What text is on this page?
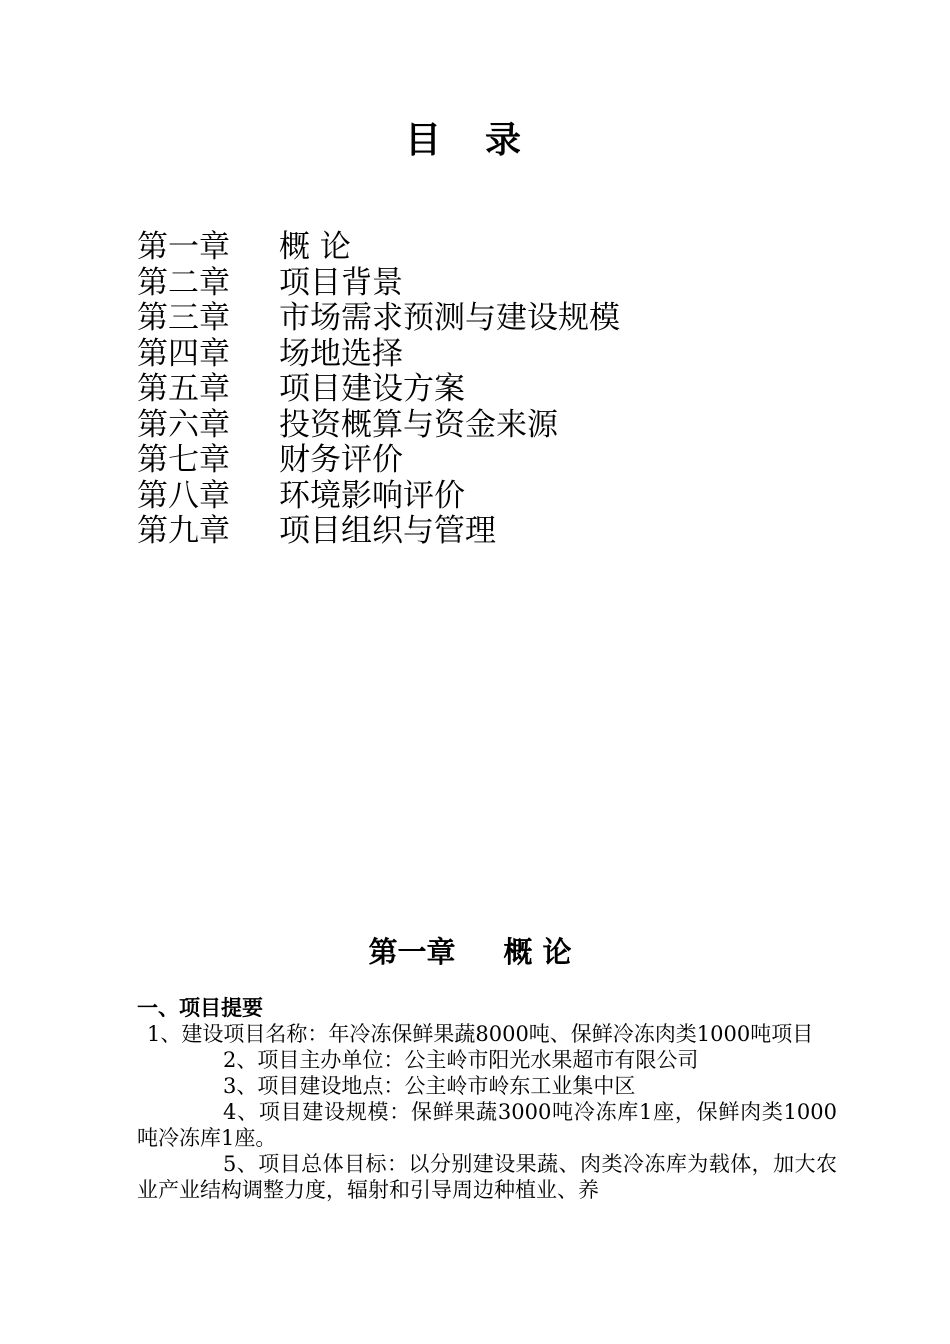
目录
第一章 概 论
第二章 项目背景
第三章 市场需求预测与建设规模
第四章 场地选择
第五章 项目建设方案
第六章 投资概算与资金来源
第七章 财务评价
第八章 环境影响评价
第九章 项目组织与管理
第一章 概论

一、项目提要

1、建设项目名称：年冷冻保鲜果蔬8000吨、保鲜冷冻肉类1000吨项目

2、项目主办单位：公主岭市阳光水果超市有限公司

3、项目建设地点：公主岭市岭东工业集中区

4、项目建设规模：保鲜果蔬3000吨冷冻库1座，保鲜肉类1000吨冷冻库1座。

5、项目总体目标：以分别建设果蔬、肉类冷冻库为载体，加大农业产业结构调整力度，辐射和引导周边种植业、养
